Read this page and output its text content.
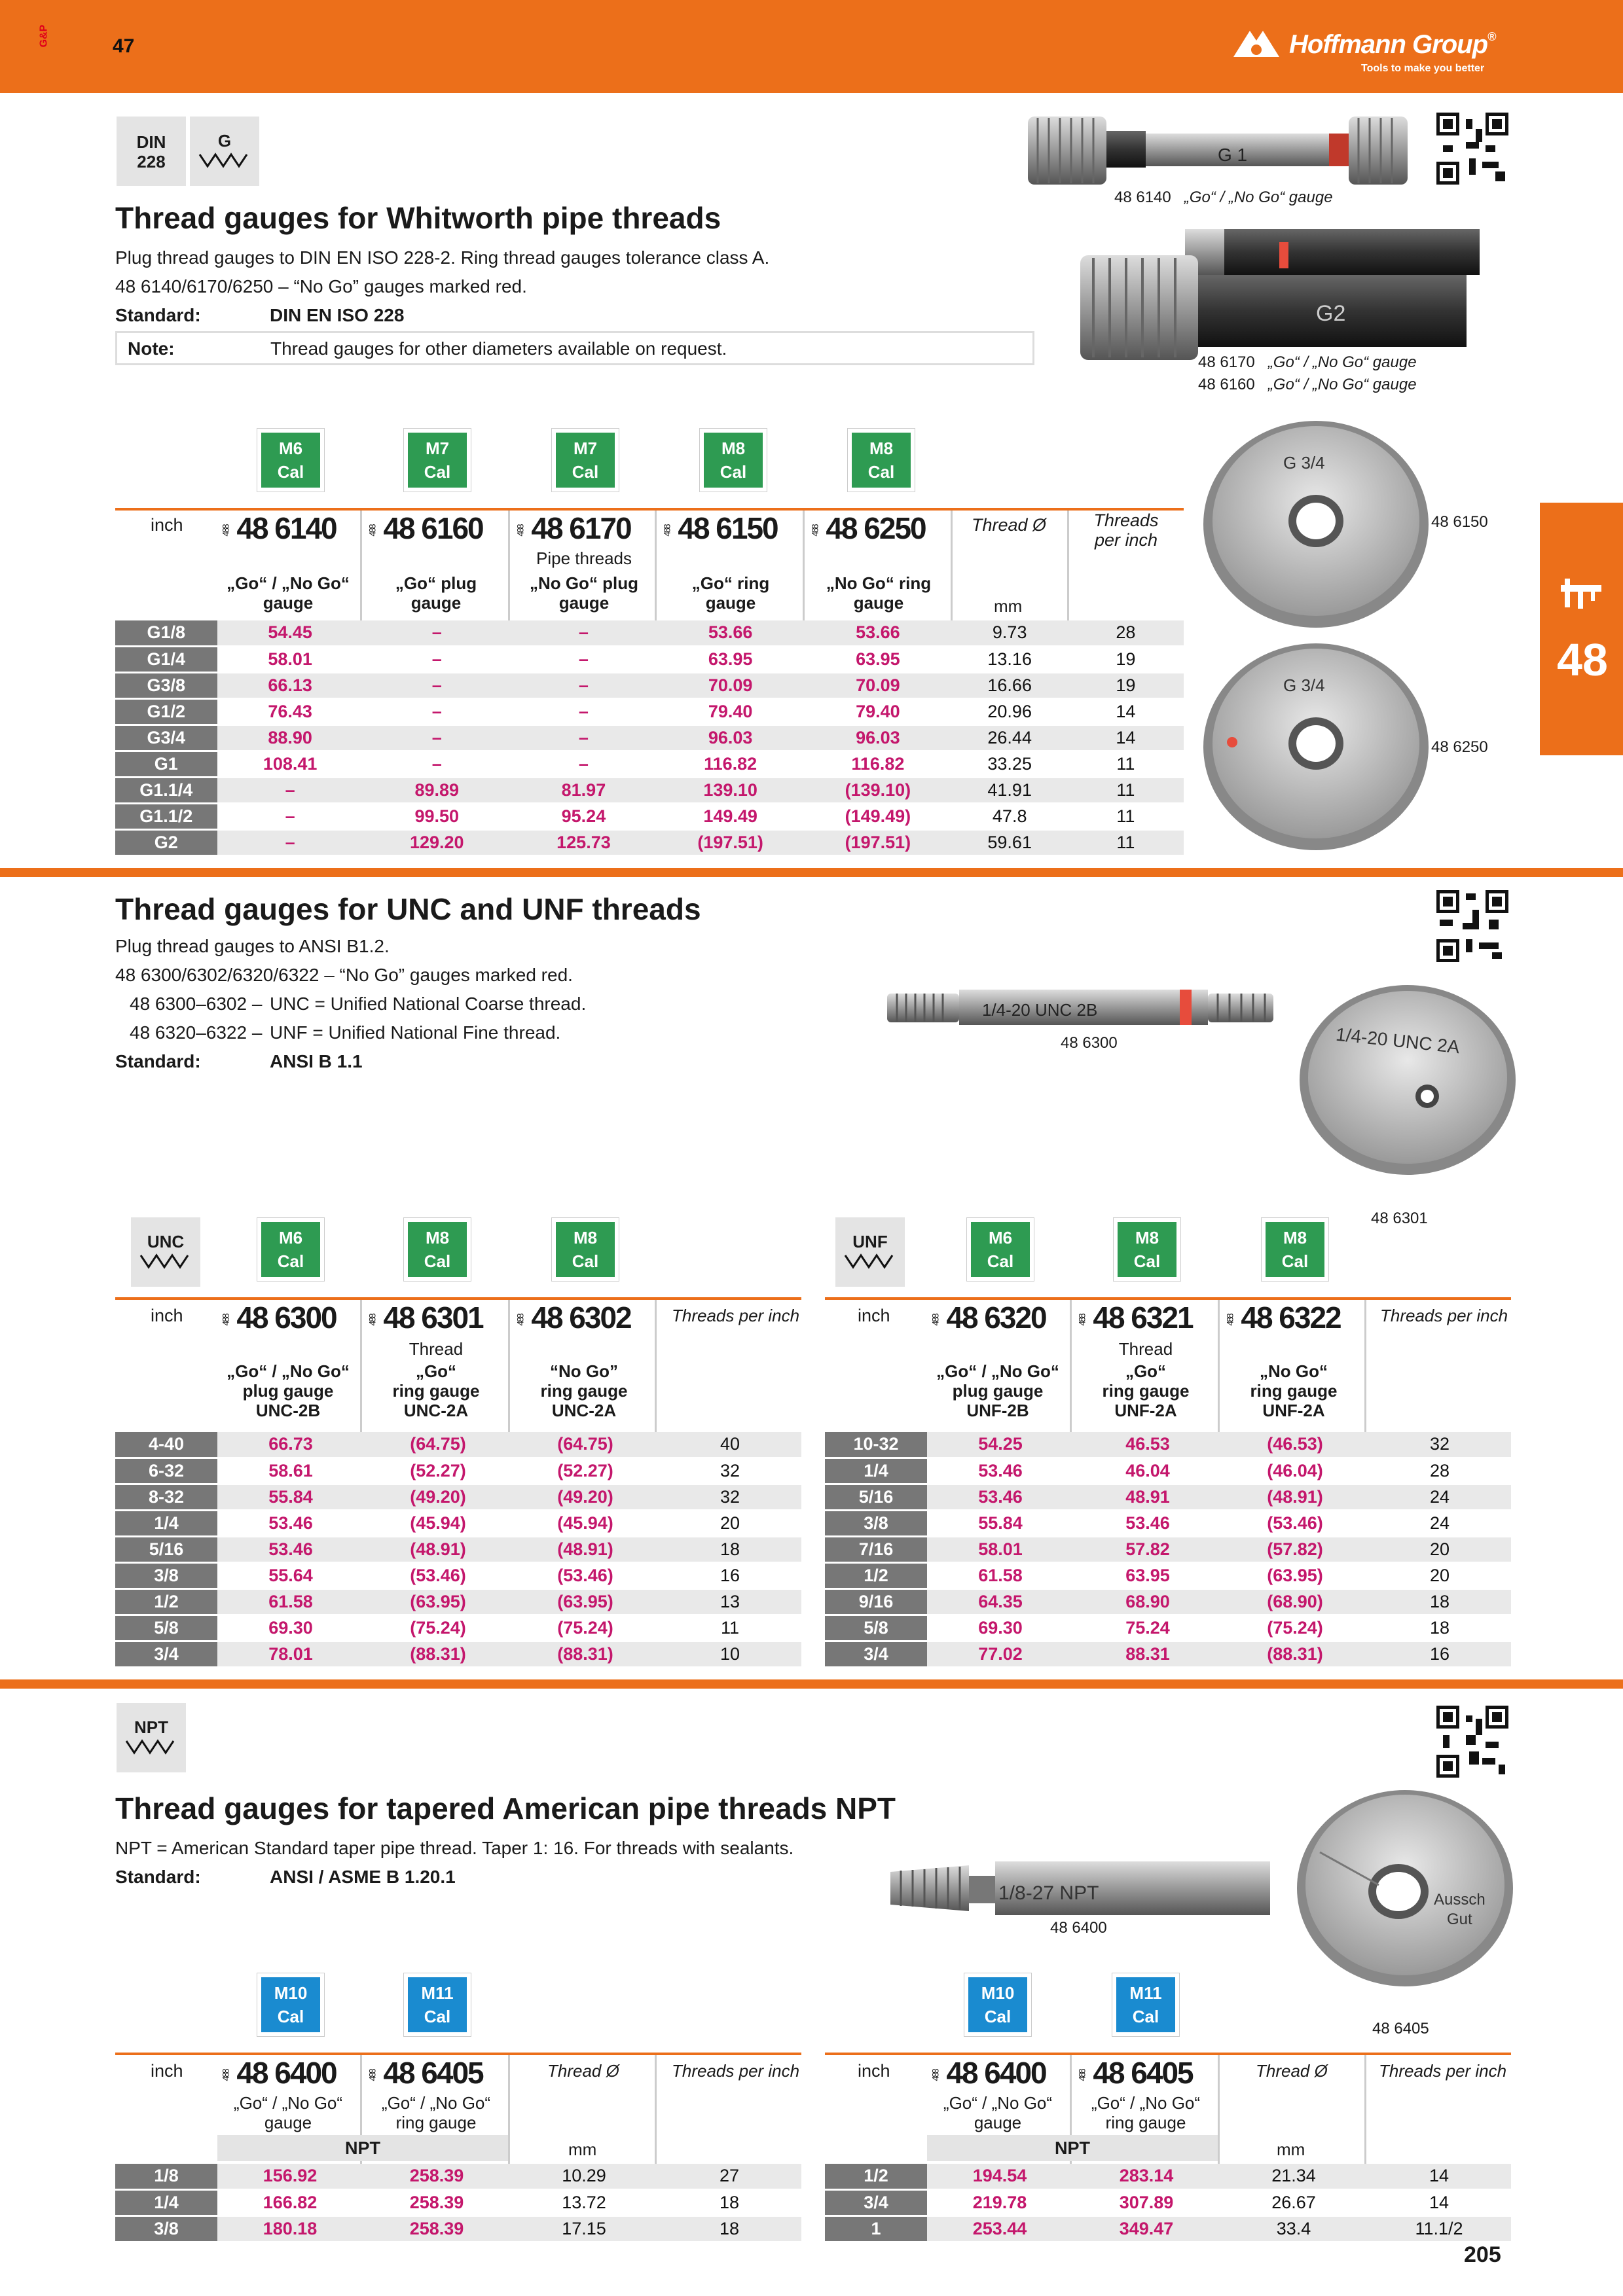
G&P	47	Hoffmann Group®
Tools to make you better
48
DIN
228
G
Thread gauges for Whitworth pipe threads
Plug thread gauges to DIN EN ISO 228-2. Ring thread gauges tolerance class A.
48 6140/6170/6250 – “No Go” gauges marked red.
Standard:	DIN EN ISO 228
Note:	Thread gauges for other diameters available on request.
G 1
48 6140 „Go“ / „No Go“ gauge
G2
48 6170 „Go“ / „No Go“ gauge
48 6160 „Go“ / „No Go“ gauge
G 3/4
48 6150
G 3/4
48 6250
M6
Cal
M7
Cal
M7
Cal
M8
Cal
M8
Cal
inch	488 48 6140	488 48 6160	488 48 6170	488 48 6150	488 48 6250	Thread Ø	Threads per inch
Pipe threads
„Go“ / „No Go“ gauge
„Go“ plug gauge
„No Go“ plug gauge
„Go“ ring gauge
„No Go“ ring gauge	mm
G1/8	54.45	–	–	53.66	53.66	9.73	28
G1/4	58.01	–	–	63.95	63.95	13.16	19
G3/8	66.13	–	–	70.09	70.09	16.66	19
G1/2	76.43	–	–	79.40	79.40	20.96	14
G3/4	88.90	–	–	96.03	96.03	26.44	14
G1	108.41	–	–	116.82	116.82	33.25	11
G1.1/4	–	89.89	81.97	139.10	(139.10)	41.91	11
G1.1/2	–	99.50	95.24	149.49	(149.49)	47.8	11
G2	–	129.20	125.73	(197.51)	(197.51)	59.61	11
Thread gauges for UNC and UNF threads
Plug thread gauges to ANSI B1.2.
48 6300/6302/6320/6322 – “No Go” gauges marked red.
48 6300–6302 – UNC = Unified National Coarse thread.
48 6320–6322 – UNF = Unified National Fine thread.
Standard:	ANSI B 1.1
1/4-20 UNC 2B
48 6300	1/4-20 UNC 2A
48 6301
UNC	M6
Cal
M8
Cal
M8
Cal
inch	488 48 6300	488 48 6301	488 48 6302 Threads per inch
Thread
„Go“ / „No Go“
plug gauge
UNC-2B
„Go“
ring gauge
UNC-2A
“No Go”
ring gauge
UNC-2A
4-40	66.73	(64.75)	(64.75)	40
6-32	58.61	(52.27)	(52.27)	32
8-32	55.84	(49.20)	(49.20)	32
1/4	53.46	(45.94)	(45.94)	20
5/16	53.46	(48.91)	(48.91)	18
3/8	55.64	(53.46)	(53.46)	16
1/2	61.58	(63.95)	(63.95)	13
5/8	69.30	(75.24)	(75.24)	11
3/4	78.01	(88.31)	(88.31)	10
UNF	M6
Cal
M8
Cal
M8
Cal
inch	488 48 6320	488 48 6321	488 48 6322 Threads per inch
Thread
„Go“ / „No Go“
plug gauge
UNF-2B
„Go“
ring gauge
UNF-2A
„No Go“
ring gauge
UNF-2A
10-32	54.25	46.53	(46.53)	32
1/4	53.46	46.04	(46.04)	28
5/16	53.46	48.91	(48.91)	24
3/8	55.84	53.46	(53.46)	24
7/16	58.01	57.82	(57.82)	20
1/2	61.58	63.95	(63.95)	20
9/16	64.35	68.90	(68.90)	18
5/8	69.30	75.24	(75.24)	18
3/4	77.02	88.31	(88.31)	16
NPT
Thread gauges for tapered American pipe threads NPT
NPT = American Standard taper pipe thread. Taper 1: 16. For threads with sealants.
Standard:	ANSI / ASME B 1.20.1
1/8-27 NPT
48 6400
Aussch
Gut
48 6405
M10
Cal
M11
Cal
inch	488 48 6400	488 48 6405	Thread Ø	Threads per inch
„Go“ / „No Go“
gauge
„Go“ / „No Go“
ring gauge
NPT	mm
1/8	156.92	258.39	10.29	27
1/4	166.82	258.39	13.72	18
3/8	180.18	258.39	17.15	18
M10
Cal
M11
Cal
inch	488 48 6400	488 48 6405	Thread Ø	Threads per inch
„Go“ / „No Go“
gauge
„Go“ / „No Go“
ring gauge
NPT	mm
1/2	194.54	283.14	21.34	14
3/4	219.78	307.89	26.67	14
1	253.44	349.47	33.4	11.1/2
205
